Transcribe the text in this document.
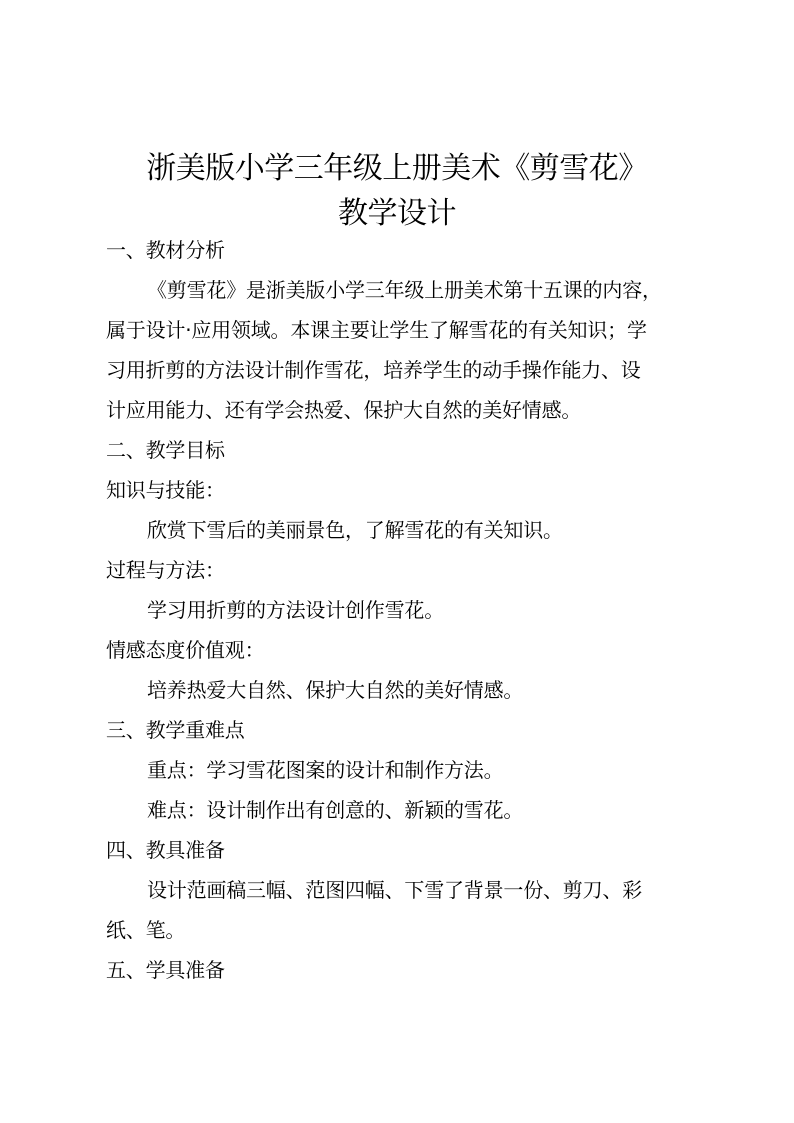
浙美版小学三年级上册美术《剪雪花》
教学设计
一、教材分析
《剪雪花》是浙美版小学三年级上册美术第十五课的内容，
属于设计·应用领域。本课主要让学生了解雪花的有关知识；学
习用折剪的方法设计制作雪花，培养学生的动手操作能力、设
计应用能力、还有学会热爱、保护大自然的美好情感。
二、教学目标
知识与技能：
欣赏下雪后的美丽景色，了解雪花的有关知识。
过程与方法：
学习用折剪的方法设计创作雪花。
情感态度价值观：
培养热爱大自然、保护大自然的美好情感。
三、教学重难点
重点：学习雪花图案的设计和制作方法。
难点：设计制作出有创意的、新颖的雪花。
四、教具准备
设计范画稿三幅、范图四幅、下雪了背景一份、剪刀、彩
纸、笔。
五、学具准备
